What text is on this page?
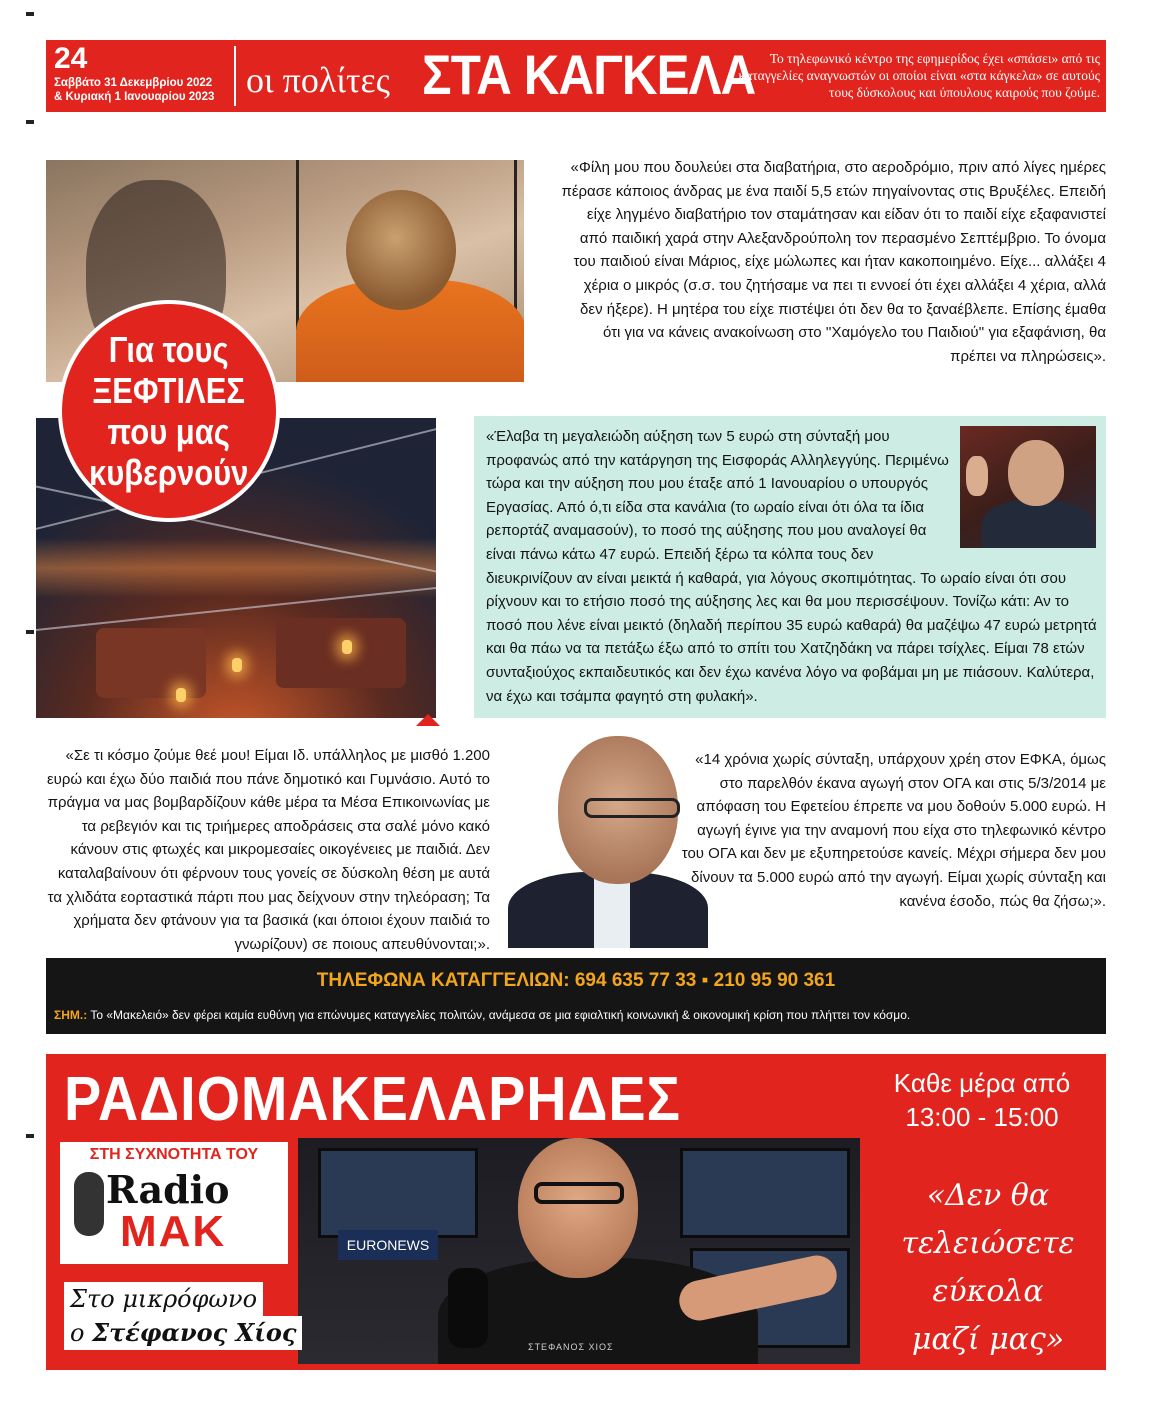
24
Σαββάτο 31 Δεκεμβρίου 2022
& Κυριακή 1 Ιανουαρίου 2023 οι πολίτες ΣΤΑ ΚΑΓΚΕΛΑ	Το τηλεφωνικό κέντρο της εφημερίδος έχει «σπάσει» από τις καταγγελίες αναγνωστών οι οποίοι είναι «στα κάγκελα» σε αυτούς τους δύσκολους και ύπουλους καιρούς που ζούμε.
Για τους
ΞΕΦΤΙΛΕΣ
που μας
κυβερνούν
«Φίλη μου που δουλεύει στα διαβατήρια, στο αεροδρόμιο, πριν από λίγες ημέρες πέρασε κάποιος άνδρας με ένα παιδί 5,5 ετών πηγαίνοντας στις Βρυξέλες. Επειδή είχε ληγμένο διαβατήριο τον σταμάτησαν και είδαν ότι το παιδί είχε εξαφανιστεί από παιδική χαρά στην Αλεξανδρούπολη τον περασμένο Σεπτέμβριο. Το όνομα του παιδιού είναι Μάριος, είχε μώλωπες και ήταν κακοποιημένο. Είχε... αλλάξει 4 χέρια ο μικρός (σ.σ. του ζητήσαμε να πει τι εννοεί ότι έχει αλλάξει 4 χέρια, αλλά δεν ήξερε). Η μητέρα του είχε πιστέψει ότι δεν θα το ξαναέβλεπε. Επίσης έμαθα ότι για να κάνεις ανακοίνωση στο ''Χαμόγελο του Παιδιού'' για εξαφάνιση, θα πρέπει να πληρώσεις».
«Έλαβα τη μεγαλειώδη αύξηση των 5 ευρώ στη σύνταξή μου προφανώς από την κατάργηση της Εισφοράς Αλληλεγγύης. Περιμένω τώρα και την αύξηση που μου έταξε από 1 Ιανουαρίου ο υπουργός Εργασίας. Από ό,τι είδα στα κανάλια (το ωραίο είναι ότι όλα τα ίδια ρεπορτάζ αναμασούν), το ποσό της αύξησης που μου αναλογεί θα είναι πάνω κάτω 47 ευρώ. Επειδή ξέρω τα κόλπα τους δεν διευκρινίζουν αν είναι μεικτά ή καθαρά, για λόγους σκοπιμότητας. Το ωραίο είναι ότι σου ρίχνουν και το ετήσιο ποσό της αύξησης λες και θα μου περισσέψουν. Τονίζω κάτι: Αν το ποσό που λένε είναι μεικτό (δηλαδή περίπου 35 ευρώ καθαρά) θα μαζέψω 47 ευρώ μετρητά και θα πάω να τα πετάξω έξω από το σπίτι του Χατζηδάκη να πάρει τσίχλες. Είμαι 78 ετών συνταξιούχος εκπαιδευτικός και δεν έχω κανένα λόγο να φοβάμαι μη με πιάσουν. Καλύτερα, να έχω και τσάμπα φαγητό στη φυλακή».
«Σε τι κόσμο ζούμε θεέ μου! Είμαι Ιδ. υπάλληλος με μισθό 1.200 ευρώ και έχω δύο παιδιά που πάνε δημοτικό και Γυμνάσιο. Αυτό το πράγμα να μας βομβαρδίζουν κάθε μέρα τα Μέσα Επικοινωνίας με τα ρεβεγιόν και τις τριήμερες αποδράσεις στα σαλέ μόνο κακό κάνουν στις φτωχές και μικρομεσαίες οικογένειες με παιδιά. Δεν καταλαβαίνουν ότι φέρνουν τους γονείς σε δύσκολη θέση με αυτά τα χλιδάτα εορταστικά πάρτι που μας δείχνουν στην τηλεόραση; Τα χρήματα δεν φτάνουν για τα βασικά (και όποιοι έχουν παιδιά το γνωρίζουν) σε ποιους απευθύνονται;».
«14 χρόνια χωρίς σύνταξη, υπάρχουν χρέη στον ΕΦΚΑ, όμως στο παρελθόν έκανα αγωγή στον ΟΓΑ και στις 5/3/2014 με απόφαση του Εφετείου έπρεπε να μου δοθούν 5.000 ευρώ. Η αγωγή έγινε για την αναμονή που είχα στο τηλεφωνικό κέντρο του ΟΓΑ και δεν με εξυπηρετούσε κανείς. Μέχρι σήμερα δεν μου δίνουν τα 5.000 ευρώ από την αγωγή. Είμαι χωρίς σύνταξη και κανένα έσοδο, πώς θα ζήσω;».
ΤΗΛΕΦΩΝΑ ΚΑΤΑΓΓΕΛΙΩΝ: 694 635 77 33 ▪ 210 95 90 361
ΣΗΜ.: Το «Μακελειό» δεν φέρει καμία ευθύνη για επώνυμες καταγγελίες πολιτών, ανάμεσα σε μια εφιαλτική κοινωνική & οικονομική κρίση που πλήττει τον κόσμο.
ΡΑΔΙΟΜΑΚΕΛΑΡΗΔΕΣ	Καθε μέρα από
13:00 - 15:00
EURONEWS
ΣΤΕΦΑΝΟΣ ΧΙΟΣ
ΣΤΗ ΣΥΧΝΟΤΗΤΑ ΤΟΥ
Radio
MAK
Στο μικρόφωνο
ο Στέφανος Χίος
«Δεν θα
τελειώσετε
εύκολα
μαζί μας»
